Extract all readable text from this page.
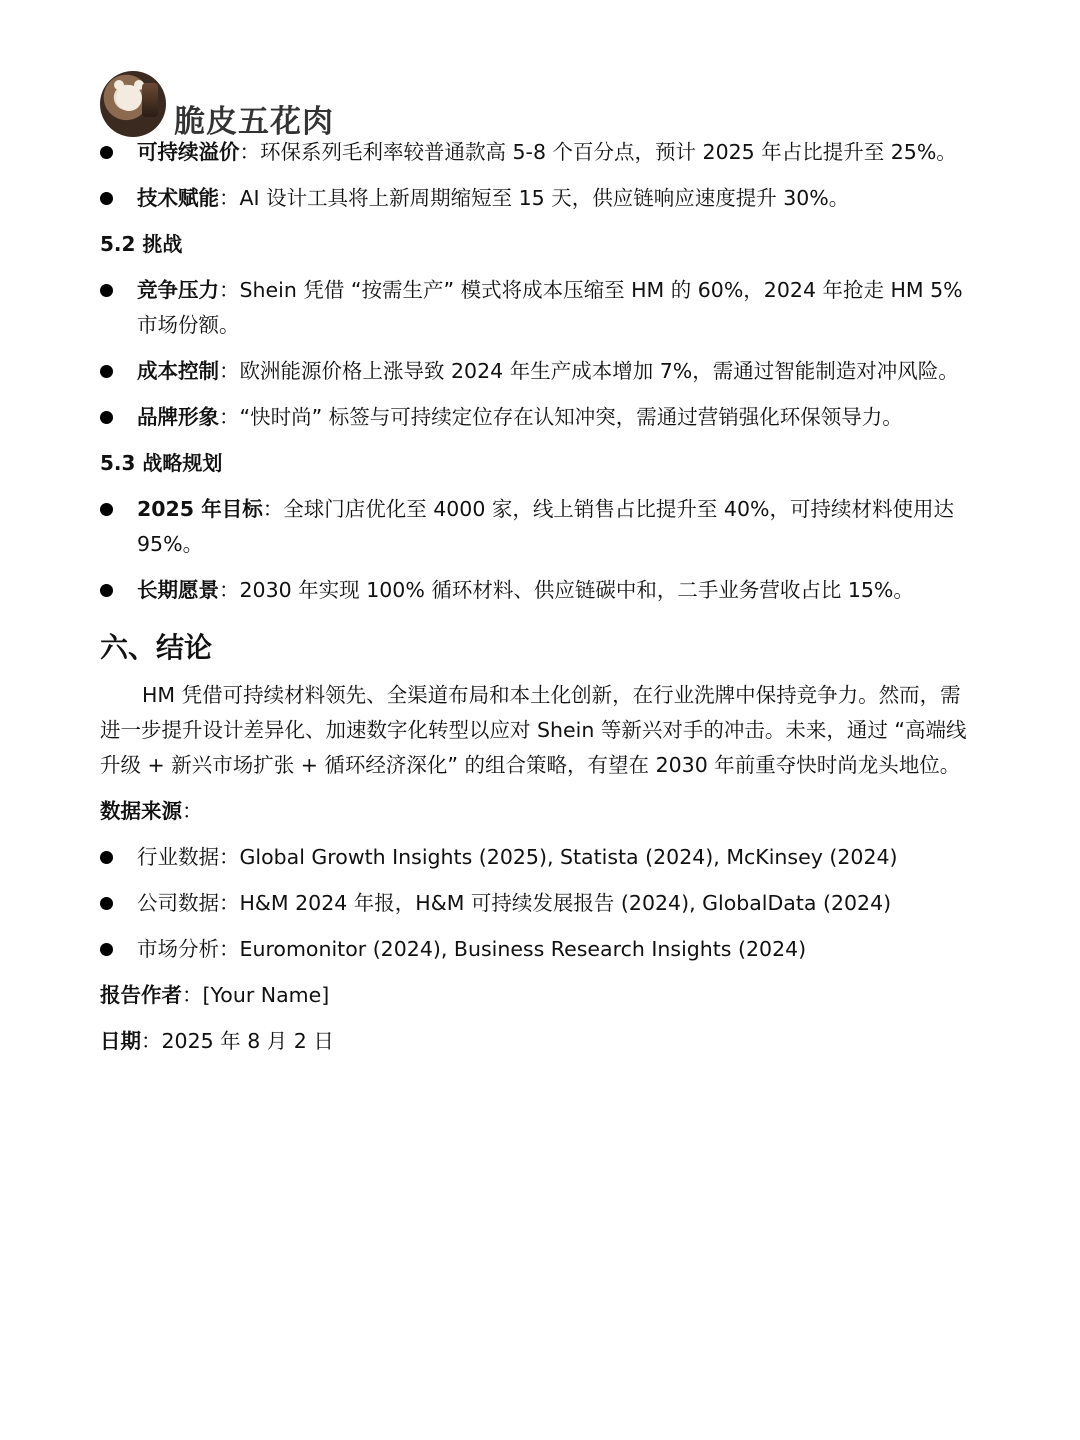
脆皮五花肉
可持续溢价：环保系列毛利率较普通款高 5-8 个百分点，预计 2025 年占比提升至 25%。
技术赋能：AI 设计工具将上新周期缩短至 15 天，供应链响应速度提升 30%。
5.2 挑战
竞争压力：Shein 凭借 “按需生产” 模式将成本压缩至 HM 的 60%，2024 年抢走 HM 5% 市场份额。
成本控制：欧洲能源价格上涨导致 2024 年生产成本增加 7%，需通过智能制造对冲风险。
品牌形象：“快时尚” 标签与可持续定位存在认知冲突，需通过营销强化环保领导力。
5.3 战略规划
2025 年目标：全球门店优化至 4000 家，线上销售占比提升至 40%，可持续材料使用达 95%。
长期愿景：2030 年实现 100% 循环材料、供应链碳中和，二手业务营收占比 15%。
六、结论
HM 凭借可持续材料领先、全渠道布局和本土化创新，在行业洗牌中保持竞争力。然而，需进一步提升设计差异化、加速数字化转型以应对 Shein 等新兴对手的冲击。未来，通过 “高端线升级 + 新兴市场扩张 + 循环经济深化” 的组合策略，有望在 2030 年前重夺快时尚龙头地位。
数据来源：
行业数据：Global Growth Insights (2025), Statista (2024), McKinsey (2024)
公司数据：H&M 2024 年报，H&M 可持续发展报告 (2024), GlobalData (2024)
市场分析：Euromonitor (2024), Business Research Insights (2024)
报告作者：[Your Name]
日期：2025 年 8 月 2 日
